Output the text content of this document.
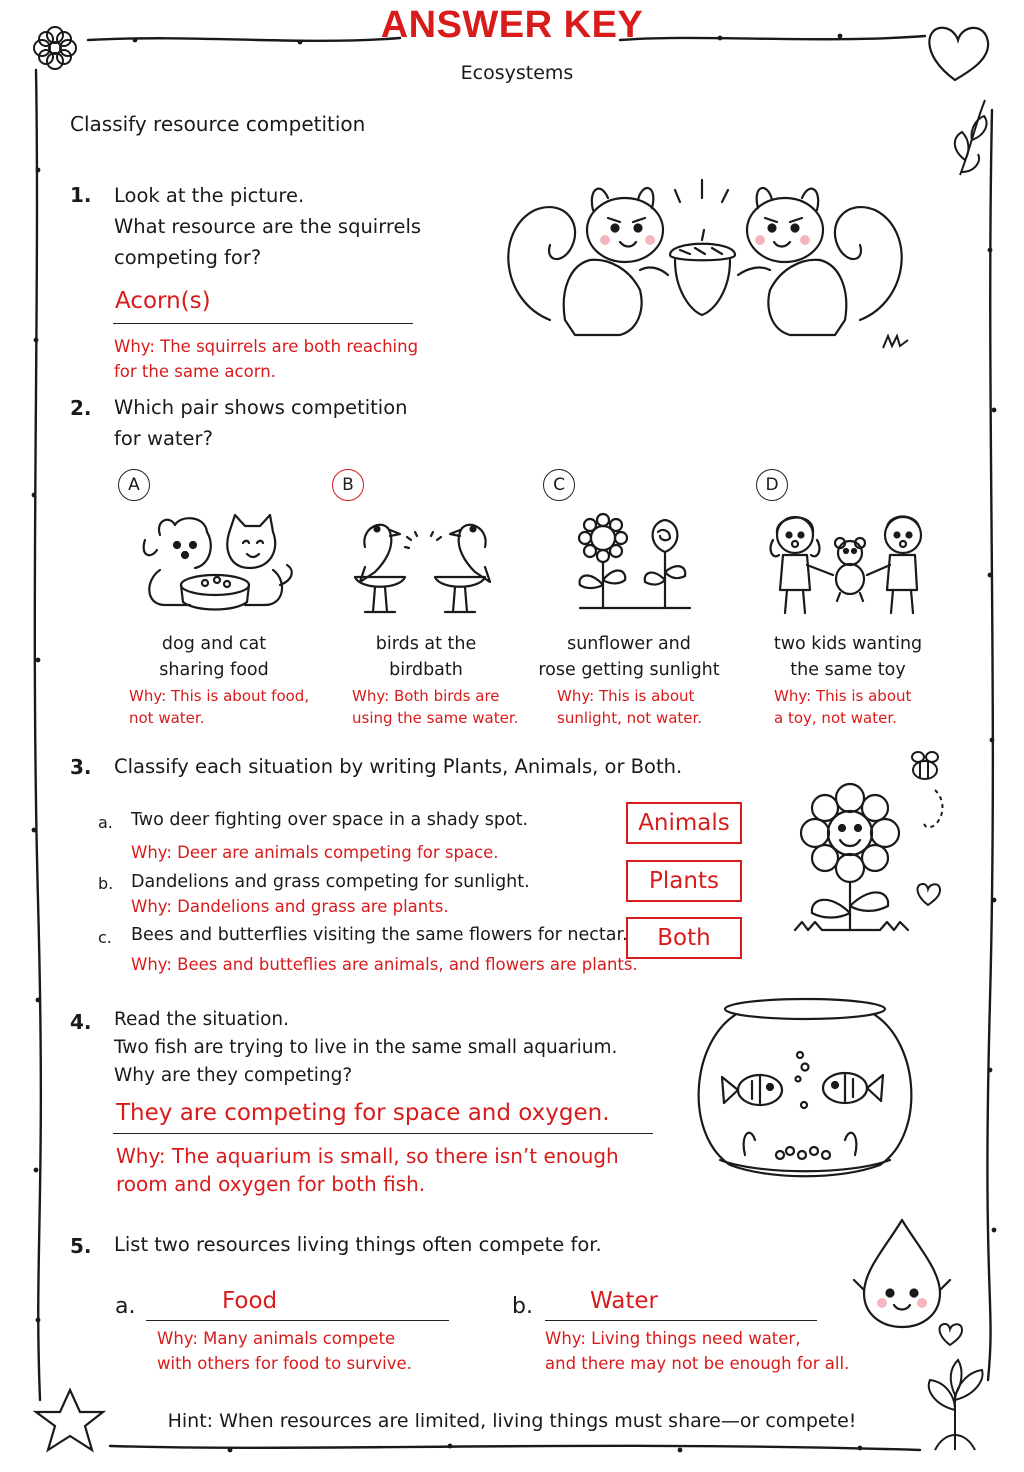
ANSWER KEY
Ecosystems
Classify resource competition
1. Look at the picture.
What resource are the squirrels
competing for?
Acorn(s)
Why: The squirrels are both reaching
for the same acorn.
2. Which pair shows competition
for water?
A
dog and cat
sharing food
Why: This is about food,
not water.
B
birds at the
birdbath
Why: Both birds are
using the same water.
C
sunflower and
rose getting sunlight
Why: This is about
sunlight, not water.
D
two kids wanting
the same toy
Why: This is about
a toy, not water.
3. Classify each situation by writing Plants, Animals, or Both.
a. Two deer fighting over space in a shady spot.
Why: Deer are animals competing for space.
b. Dandelions and grass competing for sunlight.
Why: Dandelions and grass are plants.
c. Bees and butterflies visiting the same flowers for nectar.
Why: Bees and butteflies are animals, and flowers are plants.
Animals
Plants
Both
4. Read the situation.
Two fish are trying to live in the same small aquarium.
Why are they competing?
They are competing for space and oxygen.
Why: The aquarium is small, so there isn’t enough
room and oxygen for both fish.
5. List two resources living things often compete for.
a.	Food
Why: Many animals compete
with others for food to survive.
b. Water
Why: Living things need water,
and there may not be enough for all.
Hint: When resources are limited, living things must share—or compete!
